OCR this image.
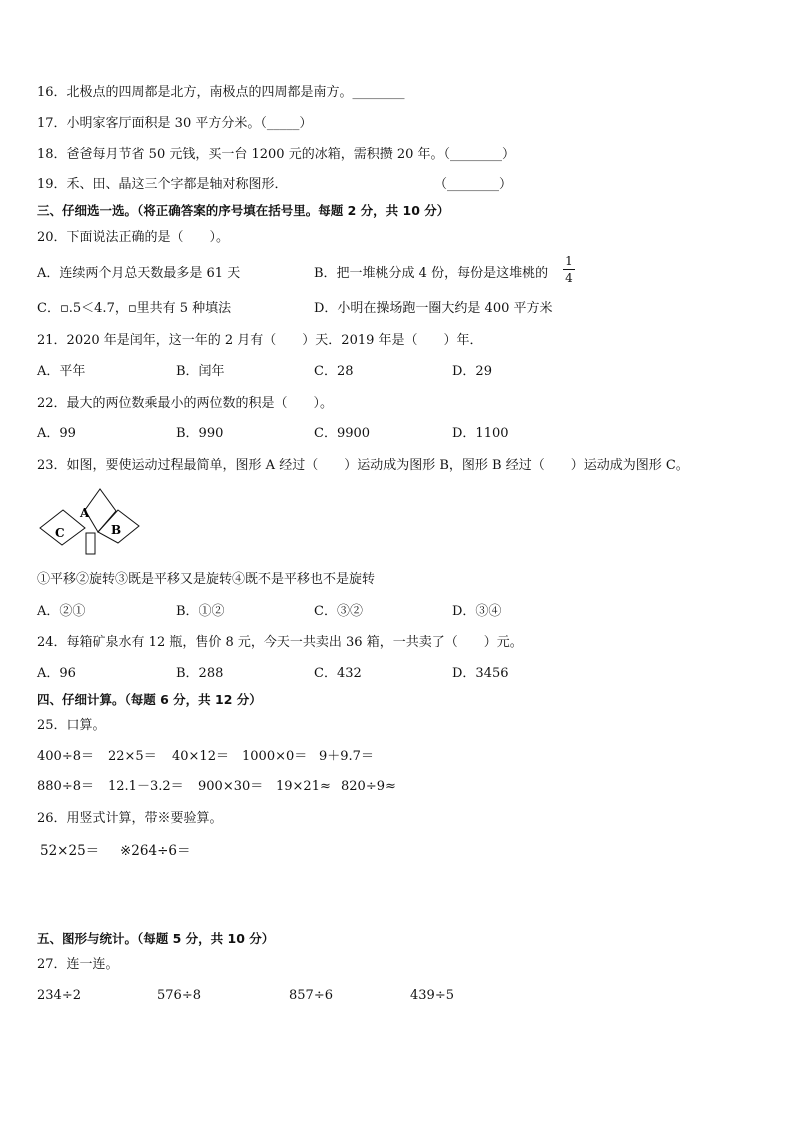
16．北极点的四周都是北方，南极点的四周都是南方。________
17．小明家客厅面积是 30 平方分米。（_____）
18．爸爸每月节省 50 元钱，买一台 1200 元的冰箱，需积攒 20 年。（________）
19．禾、田、晶这三个字都是轴对称图形．	（________）
三、仔细选一选。（将正确答案的序号填在括号里。每题 2 分，共 10 分）
20．下面说法正确的是（　　）。
A．连续两个月总天数最多是 61 天	B．把一堆桃分成 4 份，每份是这堆桃的
1
4
C．▫.5＜4.7，▫里共有 5 种填法	D．小明在操场跑一圈大约是 400 平方米
21．2020 年是闰年，这一年的 2 月有（　　）天．2019 年是（　　）年．
A．平年	B．闰年	C．28	D．29
22．最大的两位数乘最小的两位数的积是（　　）。
A．99	B．990	C．9900	D．1100
23．如图，要使运动过程最简单，图形 A 经过（　　）运动成为图形 B，图形 B 经过（　　）运动成为图形 C。
A
B
C
①平移②旋转③既是平移又是旋转④既不是平移也不是旋转
A．②①	B．①②	C．③②	D．③④
24．每箱矿泉水有 12 瓶，售价 8 元，今天一共卖出 36 箱，一共卖了（　　）元。
A．96	B．288	C．432	D．3456
四、仔细计算。（每题 6 分，共 12 分）
25．口算。
400÷8＝ 22×5＝ 40×12＝ 1000×0＝ 9＋9.7＝
880÷8＝ 12.1－3.2＝ 900×30＝ 19×21≈ 820÷9≈
26．用竖式计算，带※要验算。
52×25＝ ※264÷6＝
五、图形与统计。（每题 5 分，共 10 分）
27．连一连。
234÷2	576÷8	857÷6	439÷5
